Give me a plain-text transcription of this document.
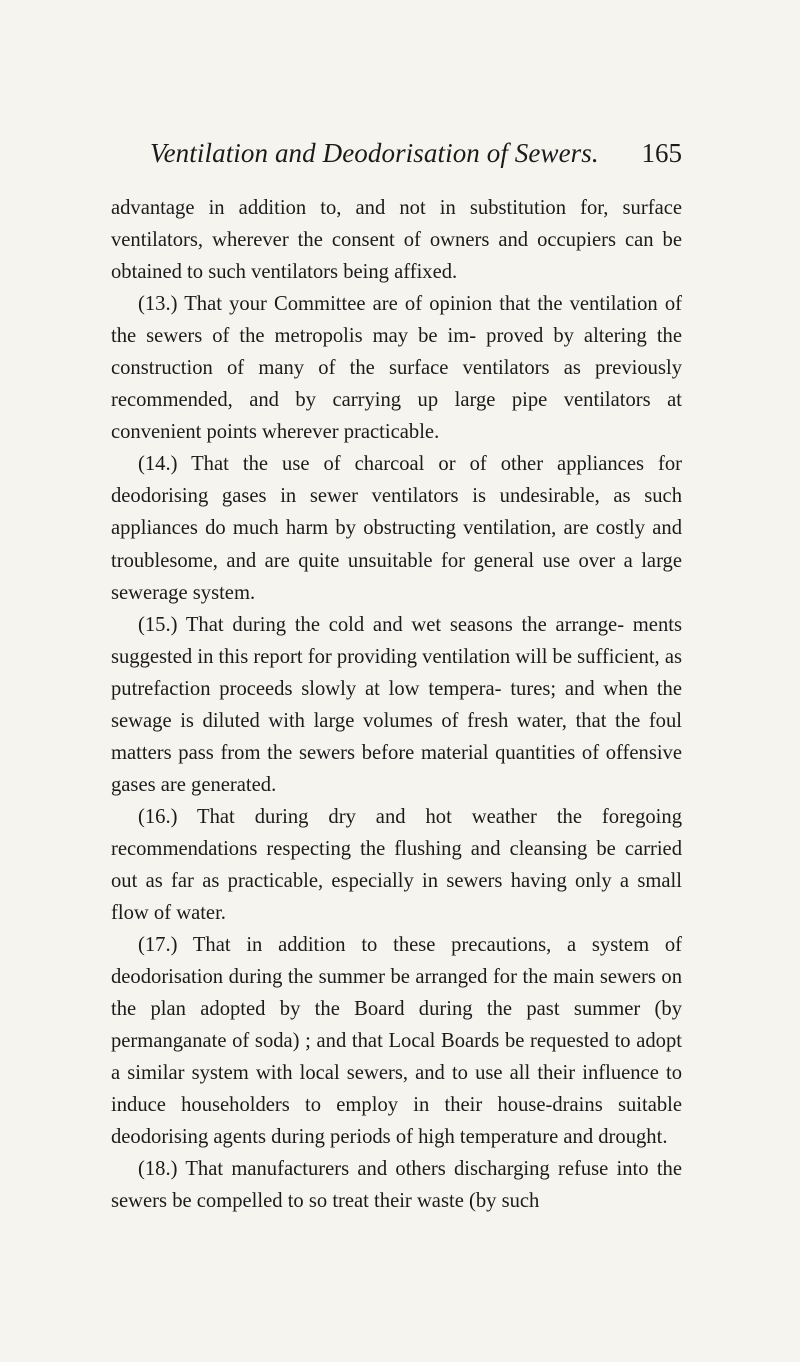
Ventilation and Deodorisation of Sewers. 165

advantage in addition to, and not in substitution for, surface ventilators, wherever the consent of owners and occupiers can be obtained to such ventilators being affixed.

(13.) That your Committee are of opinion that the ventilation of the sewers of the metropolis may be im- proved by altering the construction of many of the surface ventilators as previously recommended, and by carrying up large pipe ventilators at convenient points wherever practicable.

(14.) That the use of charcoal or of other appliances for deodorising gases in sewer ventilators is undesirable, as such appliances do much harm by obstructing ventilation, are costly and troublesome, and are quite unsuitable for general use over a large sewerage system.

(15.) That during the cold and wet seasons the arrange- ments suggested in this report for providing ventilation will be sufficient, as putrefaction proceeds slowly at low tempera- tures; and when the sewage is diluted with large volumes of fresh water, that the foul matters pass from the sewers before material quantities of offensive gases are generated.

(16.) That during dry and hot weather the foregoing recommendations respecting the flushing and cleansing be carried out as far as practicable, especially in sewers having only a small flow of water.

(17.) That in addition to these precautions, a system of deodorisation during the summer be arranged for the main sewers on the plan adopted by the Board during the past summer (by permanganate of soda) ; and that Local Boards be requested to adopt a similar system with local sewers, and to use all their influence to induce householders to employ in their house-drains suitable deodorising agents during periods of high temperature and drought.

(18.) That manufacturers and others discharging refuse into the sewers be compelled to so treat their waste (by such
